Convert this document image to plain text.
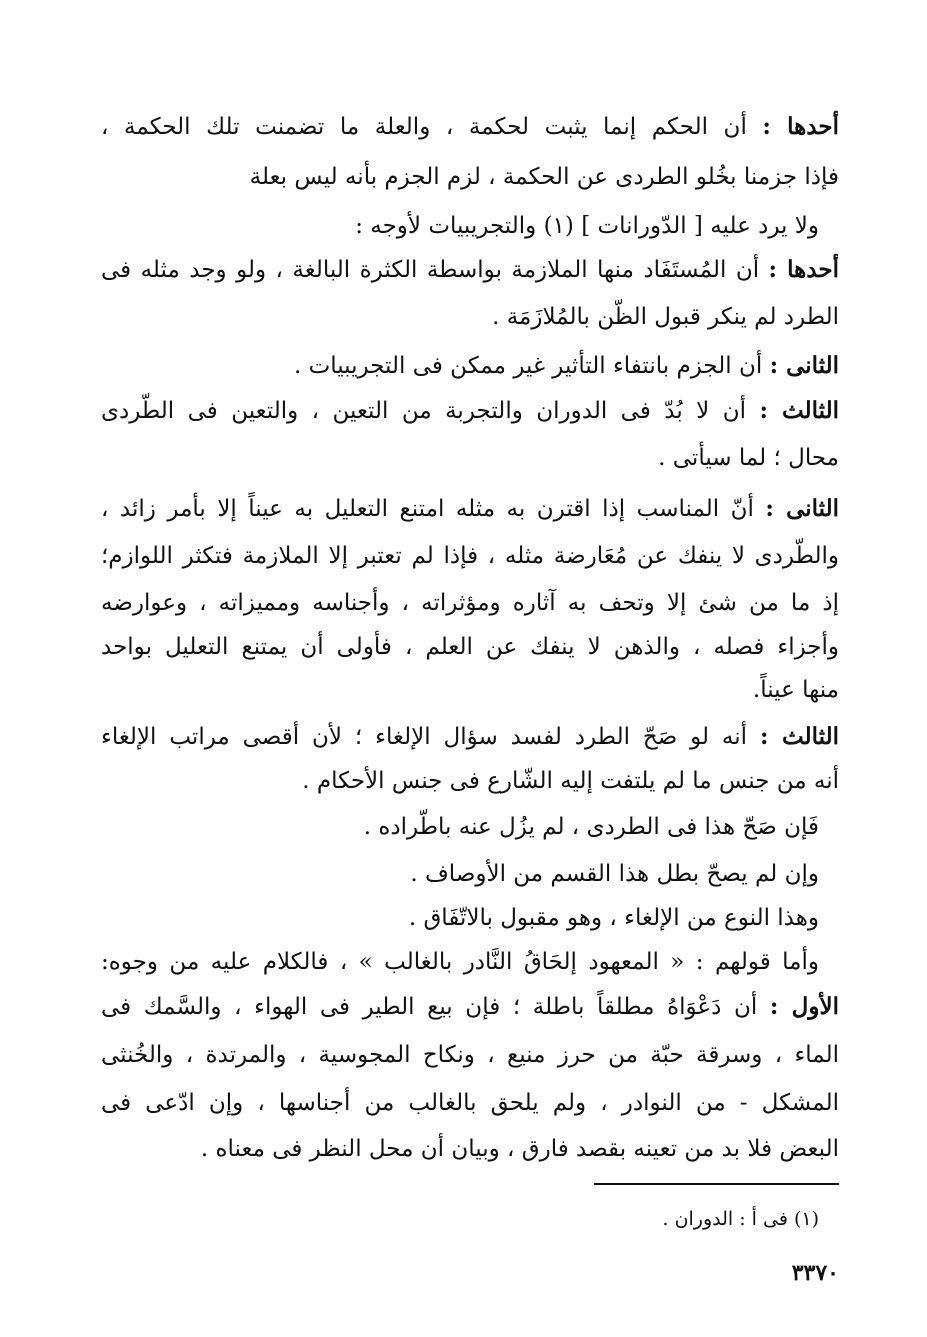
أحدها : أن الحكم إنما يثبت لحكمة ، والعلة ما تضمنت تلك الحكمة ،
فإذا جزمنا بخُلو الطردى عن الحكمة ، لزم الجزم بأنه ليس بعلة
ولا يرد عليه [ الدّورانات ] (١) والتجريبيات لأوجه :
أحدها : أن المُستَفَاد منها الملازمة بواسطة الكثرة البالغة ، ولو وجد مثله فى
الطرد لم ينكر قبول الظّن بالمُلازَمَة .
الثانى : أن الجزم بانتفاء التأثير غير ممكن فى التجريبيات .
الثالث : أن لا بُدّ فى الدوران والتجربة من التعين ، والتعين فى الطّردى
محال ؛ لما سيأتى .
الثانى : أنّ المناسب إذا اقترن به مثله امتنع التعليل به عيناً إلا بأمر زائد ،
والطّردى لا ينفك عن مُعَارضة مثله ، فإذا لم تعتبر إلا الملازمة فتكثر اللوازم؛
إذ ما من شئ إلا وتحف به آثاره ومؤثراته ، وأجناسه ومميزاته ، وعوارضه
وأجزاء فصله ، والذهن لا ينفك عن العلم ، فأولى أن يمتنع التعليل بواحد
منها عيناً.
الثالث : أنه لو صَحّ الطرد لفسد سؤال الإلغاء ؛ لأن أقصى مراتب الإلغاء
أنه من جنس ما لم يلتفت إليه الشّارع فى جنس الأحكام .
فَإن صَحّ هذا فى الطردى ، لم يزُل عنه باطّراده .
وإن لم يصحّ بطل هذا القسم من الأوصاف .
وهذا النوع من الإلغاء ، وهو مقبول بالاتّفَاق .
وأما قولهم : « المعهود إلحَاقُ النَّادر بالغالب » ، فالكلام عليه من وجوه:
الأول : أن دَعْوَاهُ مطلقاً باطلة ؛ فإن بيع الطير فى الهواء ، والسَّمك فى
الماء ، وسرقة حبّة من حرز منيع ، ونكاح المجوسية ، والمرتدة ، والخُنثى
المشكل - من النوادر ، ولم يلحق بالغالب من أجناسها ، وإن ادّعى فى
البعض فلا بد من تعينه بقصد فارق ، وبيان أن محل النظر فى معناه .
(١) فى أ : الدوران .
٣٣٧٠
